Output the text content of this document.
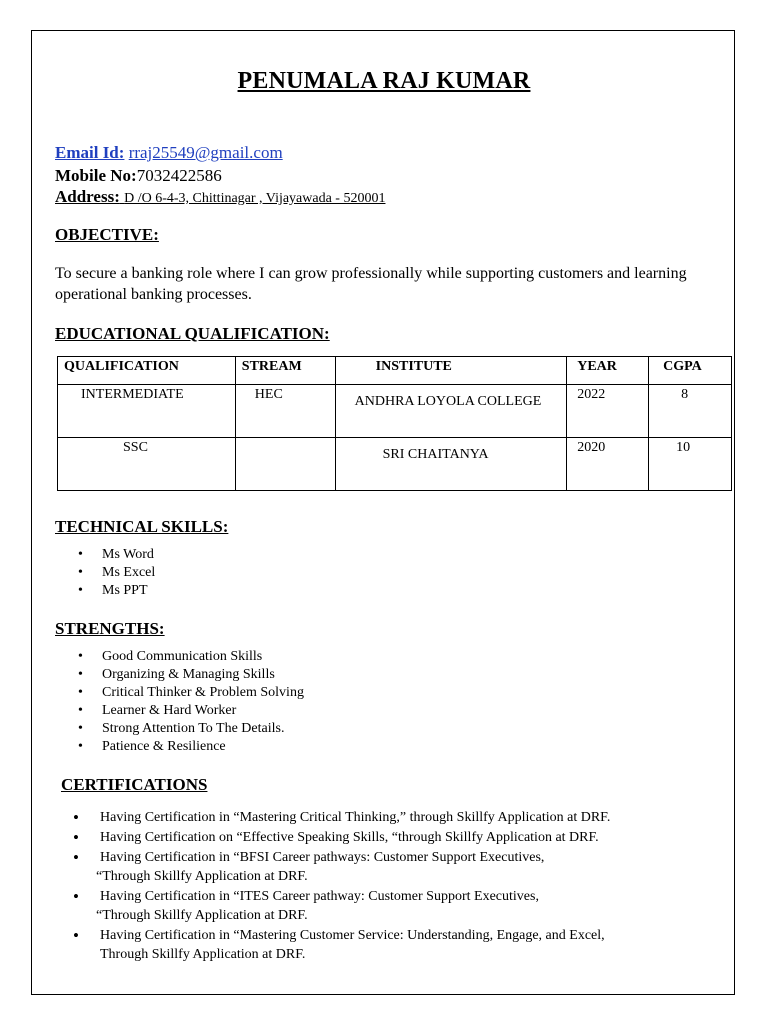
PENUMALA RAJ KUMAR
Email Id: rraj25549@gmail.com
Mobile No:7032422586
Address: D /O 6-4-3, Chittinagar , Vijayawada - 520001
OBJECTIVE:
To secure a banking role where I can grow professionally while supporting customers and learning operational banking processes.
EDUCATIONAL QUALIFICATION:
QUALIFICATION	STREAM	INSTITUTE	YEAR	CGPA

INTERMEDIATE	HEC	ANDHRA LOYOLA COLLEGE	2022	8

SSC		SRI CHAITANYA	2020	10
TECHNICAL SKILLS:
• Ms Word
• Ms Excel
• Ms PPT
STRENGTHS:
• Good Communication Skills
• Organizing & Managing Skills
• Critical Thinker & Problem Solving
• Learner & Hard Worker
• Strong Attention To The Details.
• Patience & Resilience
CERTIFICATIONS
• Having Certification in “Mastering Critical Thinking,” through Skillfy Application at DRF.
• Having Certification on “Effective Speaking Skills, “through Skillfy Application at DRF.
• Having Certification in “BFSI Career pathways: Customer Support Executives,
“Through Skillfy Application at DRF.
• Having Certification in “ITES Career pathway: Customer Support Executives,
“Through Skillfy Application at DRF.
• Having Certification in “Mastering Customer Service: Understanding, Engage, and Excel,
Through Skillfy Application at DRF.
